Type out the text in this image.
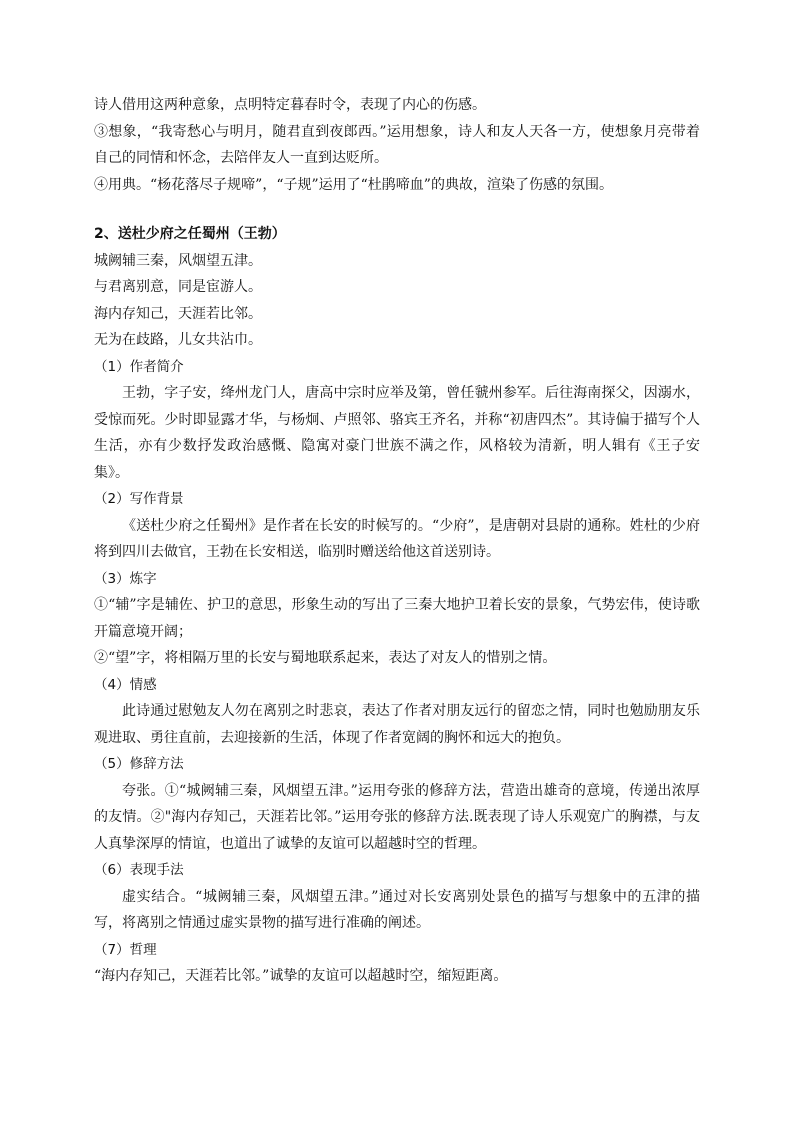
诗人借用这两种意象，点明特定暮春时令，表现了内心的伤感。
③想象，“我寄愁心与明月，随君直到夜郎西。”运用想象，诗人和友人天各一方，使想象月亮带着自己的同情和怀念，去陪伴友人一直到达贬所。
④用典。“杨花落尽子规啼”，“子规”运用了“杜鹃啼血”的典故，渲染了伤感的氛围。
2、送杜少府之任蜀州（王勃）
城阙辅三秦，风烟望五津。
与君离别意，同是宦游人。
海内存知己，天涯若比邻。
无为在歧路，儿女共沾巾。
（1）作者简介
王勃，字子安，绛州龙门人，唐高中宗时应举及第，曾任虢州参军。后往海南探父，因溺水，受惊而死。少时即显露才华，与杨炯、卢照邻、骆宾王齐名，并称“初唐四杰”。其诗偏于描写个人生活，亦有少数抒发政治感慨、隐寓对豪门世族不满之作，风格较为清新，明人辑有《王子安集》。
（2）写作背景
《送杜少府之任蜀州》是作者在长安的时候写的。“少府”，是唐朝对县尉的通称。姓杜的少府将到四川去做官，王勃在长安相送，临别时赠送给他这首送别诗。
（3）炼字
①“辅”字是辅佐、护卫的意思，形象生动的写出了三秦大地护卫着长安的景象，气势宏伟，使诗歌开篇意境开阔；
②“望”字，将相隔万里的长安与蜀地联系起来，表达了对友人的惜别之情。
（4）情感
此诗通过慰勉友人勿在离别之时悲哀，表达了作者对朋友远行的留恋之情，同时也勉励朋友乐观进取、勇往直前，去迎接新的生活，体现了作者宽阔的胸怀和远大的抱负。
（5）修辞方法
夸张。①“城阙辅三秦，风烟望五津。”运用夸张的修辞方法，营造出雄奇的意境，传递出浓厚的友情。②"海内存知己，天涯若比邻。”运用夸张的修辞方法.既表现了诗人乐观宽广的胸襟，与友人真挚深厚的情谊，也道出了诚挚的友谊可以超越时空的哲理。
（6）表现手法
虚实结合。“城阙辅三秦，风烟望五津。”通过对长安离别处景色的描写与想象中的五津的描写，将离别之情通过虚实景物的描写进行准确的阐述。
（7）哲理
“海内存知己，天涯若比邻。”诚挚的友谊可以超越时空，缩短距离。
